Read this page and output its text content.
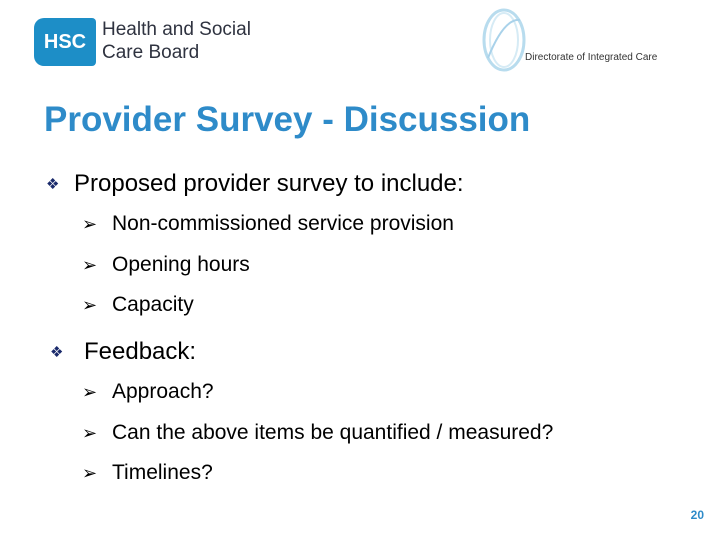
HSC
Health and Social
Care Board	Directorate of Integrated Care
Provider Survey - Discussion
❖ Proposed provider survey to include:
➢ Non-commissioned service provision
➢ Opening hours
➢ Capacity
❖ Feedback:
➢ Approach?
➢ Can the above items be quantified / measured?
➢ Timelines?
20
